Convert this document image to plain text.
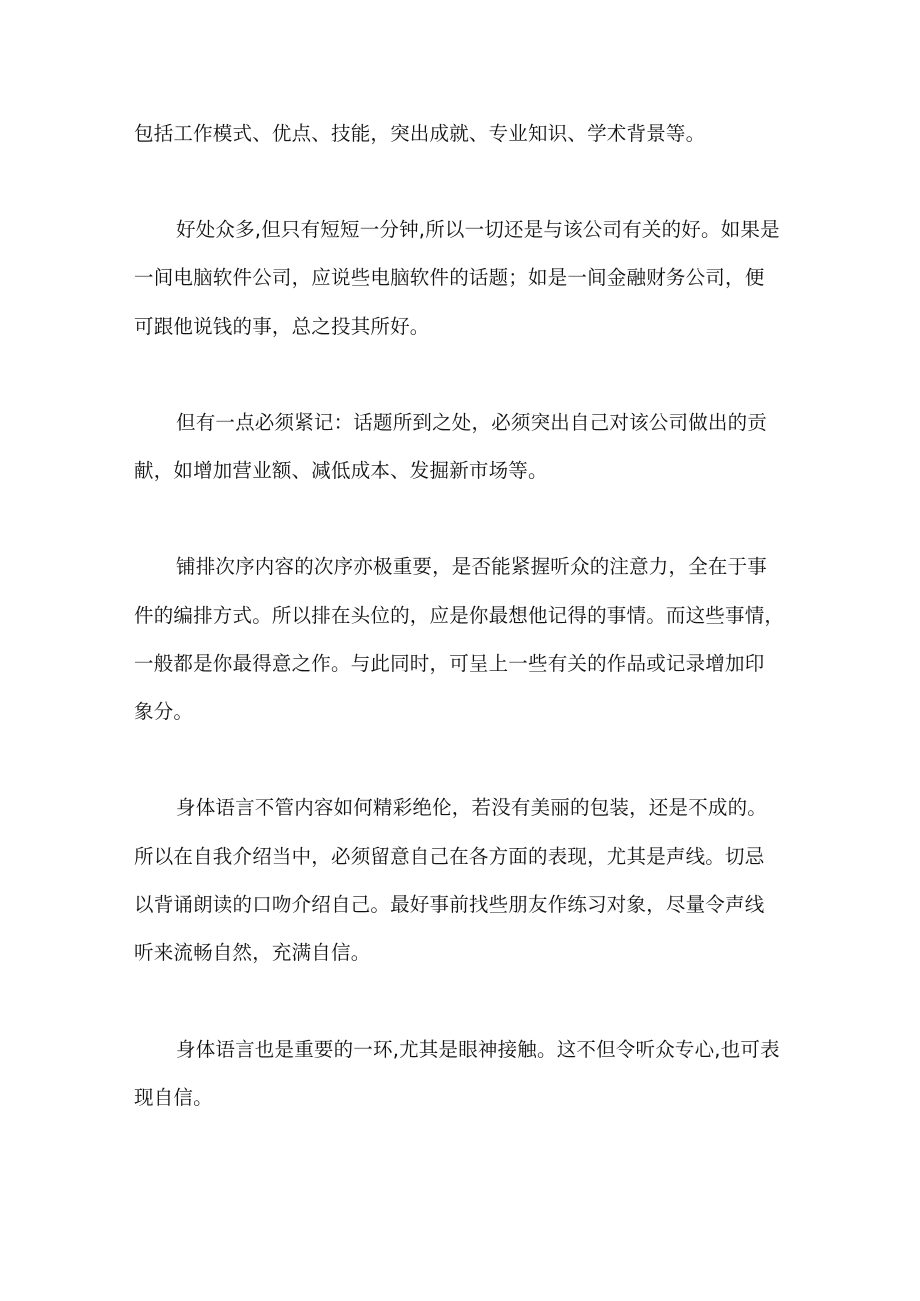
包括工作模式、优点、技能，突出成就、专业知识、学术背景等。
好处众多,但只有短短一分钟,所以一切还是与该公司有关的好。如果是
一间电脑软件公司，应说些电脑软件的话题；如是一间金融财务公司，便
可跟他说钱的事，总之投其所好。
但有一点必须紧记：话题所到之处，必须突出自己对该公司做出的贡
献，如增加营业额、减低成本、发掘新市场等。
铺排次序内容的次序亦极重要，是否能紧握听众的注意力，全在于事
件的编排方式。所以排在头位的，应是你最想他记得的事情。而这些事情，
一般都是你最得意之作。与此同时，可呈上一些有关的作品或记录增加印
象分。
身体语言不管内容如何精彩绝伦，若没有美丽的包装，还是不成的。
所以在自我介绍当中，必须留意自己在各方面的表现，尤其是声线。切忌
以背诵朗读的口吻介绍自己。最好事前找些朋友作练习对象，尽量令声线
听来流畅自然，充满自信。
身体语言也是重要的一环,尤其是眼神接触。这不但令听众专心,也可表
现自信。
